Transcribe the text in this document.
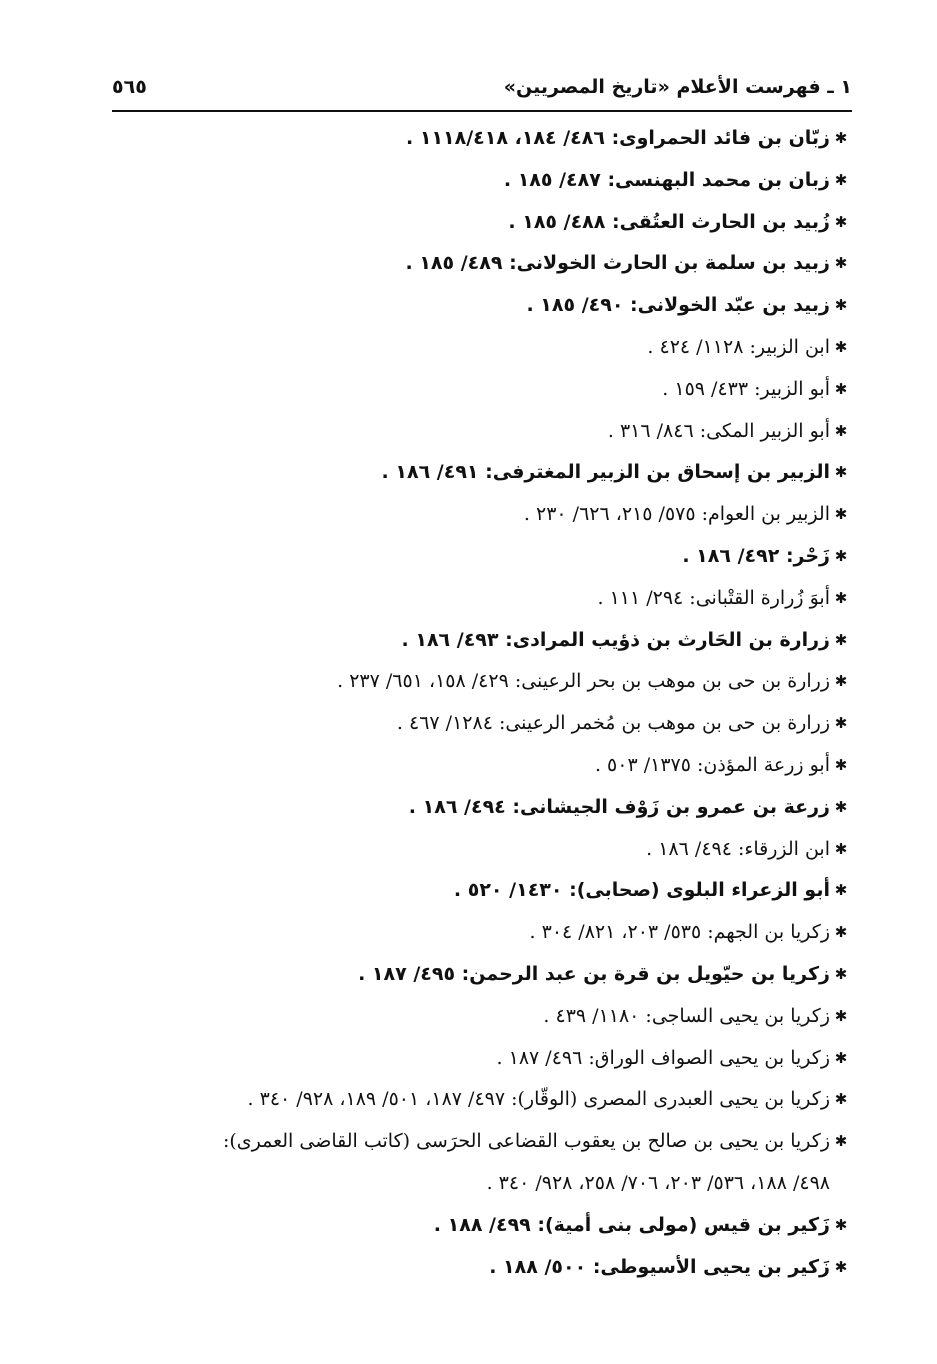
١ ـ فهرست الأعلام «تاريخ المصريين»
٥٦٥
✱زبّان بن فائد الحمراوى: ٤٨٦/ ١٨٤، ١١١٨/٤١٨ .
✱زبان بن محمد البهنسى: ٤٨٧/ ١٨٥ .
✱زُبيد بن الحارث العتُقى: ٤٨٨/ ١٨٥ .
✱زبيد بن سلمة بن الحارث الخولانى: ٤٨٩/ ١٨٥ .
✱زبيد بن عبّد الخولانى: ٤٩٠/ ١٨٥ .
✱ابن الزبير: ١١٢٨/ ٤٢٤ .
✱أبو الزبير: ٤٣٣/ ١٥٩ .
✱أبو الزبير المكى: ٨٤٦/ ٣١٦ .
✱الزبير بن إسحاق بن الزبير المغترفى: ٤٩١/ ١٨٦ .
✱الزبير بن العوام: ٥٧٥/ ٢١٥، ٦٢٦/ ٢٣٠ .
✱زَحْر: ٤٩٢/ ١٨٦ .
✱أبوَ زُرارة القتْبانى: ٢٩٤/ ١١١ .
✱زرارة بن الحَارث بن ذؤيب المرادى: ٤٩٣/ ١٨٦ .
✱زرارة بن حى بن موهب بن بحر الرعينى: ٤٢٩/ ١٥٨، ٦٥١/ ٢٣٧ .
✱زرارة بن حى بن موهب بن مُخمر الرعينى: ١٢٨٤/ ٤٦٧ .
✱أبو زرعة المؤذن: ١٣٧٥/ ٥٠٣ .
✱زرعة بن عمرو بن زَوْف الجيشانى: ٤٩٤/ ١٨٦ .
✱ابن الزرقاء: ٤٩٤/ ١٨٦ .
✱أبو الزعراء البلوى (صحابى): ١٤٣٠/ ٥٢٠ .
✱زكريا بن الجهم: ٥٣٥/ ٢٠٣، ٨٢١/ ٣٠٤ .
✱زكريا بن حيّويل بن قرة بن عبد الرحمن: ٤٩٥/ ١٨٧ .
✱زكريا بن يحيى الساجى: ١١٨٠/ ٤٣٩ .
✱زكريا بن يحيى الصواف الوراق: ٤٩٦/ ١٨٧ .
✱زكريا بن يحيى العبدرى المصرى (الوقّار): ٤٩٧/ ١٨٧، ٥٠١/ ١٨٩، ٩٢٨/ ٣٤٠ .
✱زكريا بن يحيى بن صالح بن يعقوب القضاعى الحرَسى (كاتب القاضى العمرى):
٤٩٨/ ١٨٨، ٥٣٦/ ٢٠٣، ٧٠٦/ ٢٥٨، ٩٢٨/ ٣٤٠ .
✱زَكير بن قيس (مولى بنى أمية): ٤٩٩/ ١٨٨ .
✱زَكير بن يحيى الأسيوطى: ٥٠٠/ ١٨٨ .
